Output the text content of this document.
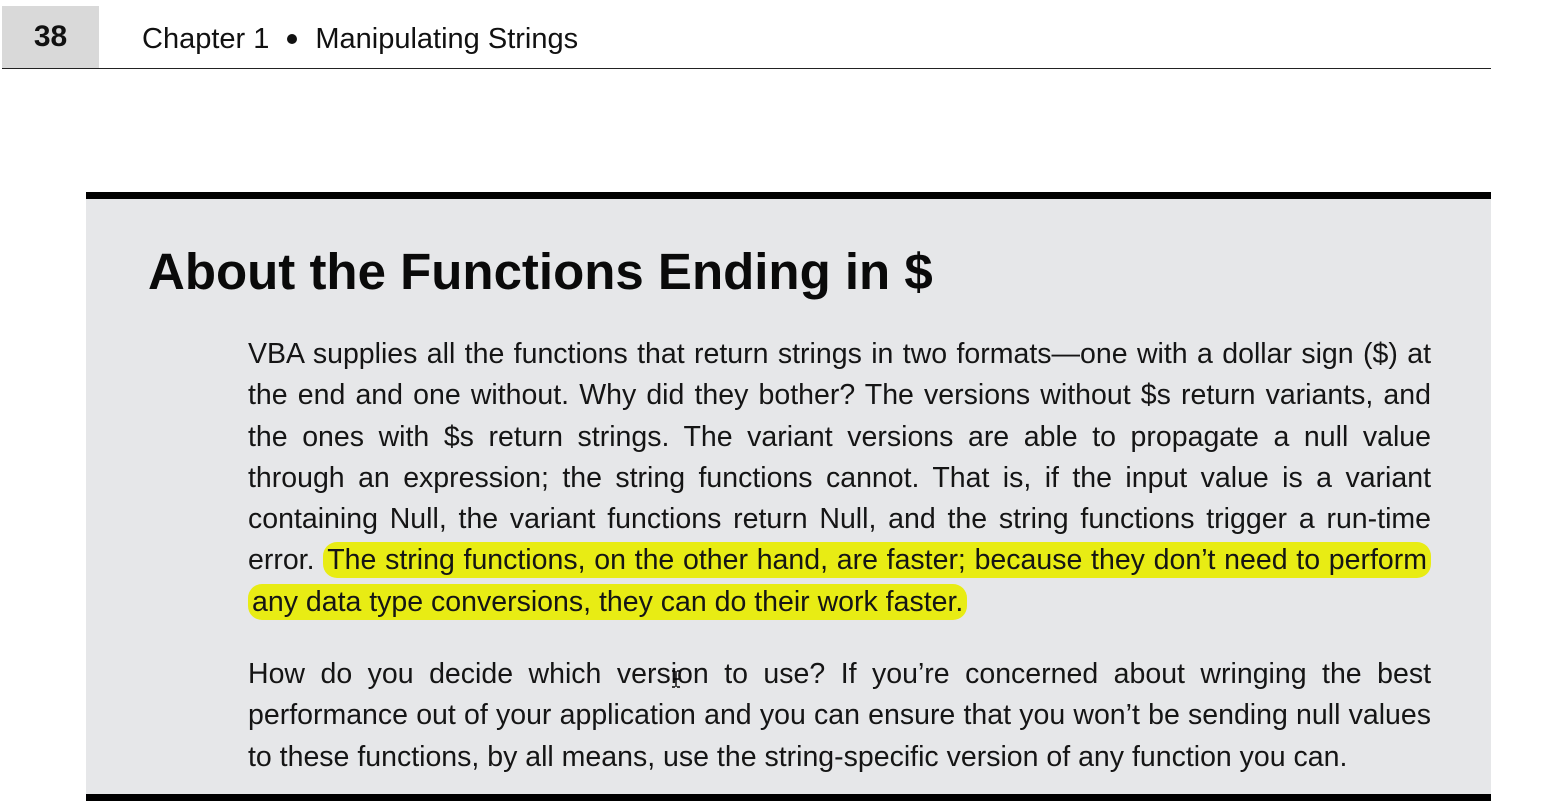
38	Chapter 1 Manipulating Strings
About the Functions Ending in $

VBA supplies all the functions that return strings in two formats—one with a dollar sign ($) at the end and one without. Why did they bother? The versions without $s return variants, and the ones with $s return strings. The variant versions are able to propagate a null value through an expression; the string functions cannot. That is, if the input value is a variant containing Null, the variant functions return Null, and the string functions trigger a run-time error. The string functions, on the other hand, are faster; because they don’t need to perform any data type conversions, they can do their work faster.

How do you decide which version to use? If you’re concerned about wringing the best performance out of your application and you can ensure that you won’t be sending null values to these functions, by all means, use the string-specific version of any function you can.
